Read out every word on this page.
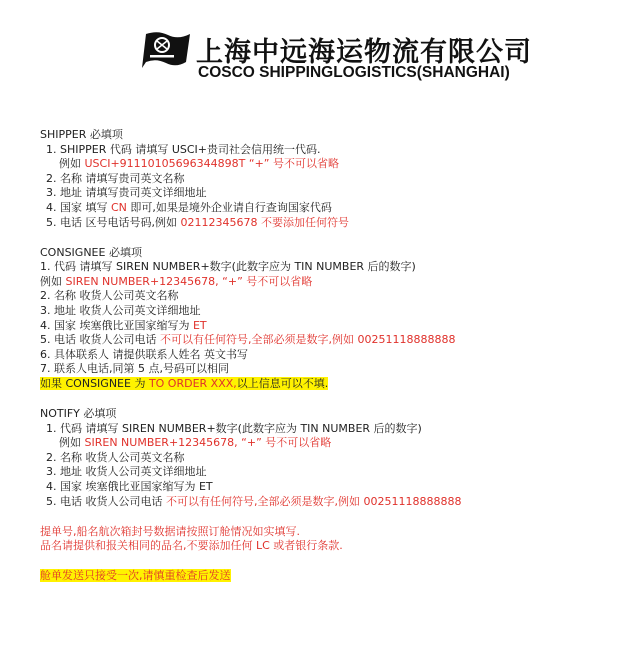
上海中远海运物流有限公司
COSCO SHIPPINGLOGISTICS(SHANGHAI)
SHIPPER 必填项
1. SHIPPER 代码 请填写 USCI+贵司社会信用统一代码.
例如 USCI+91110105696344898T “+” 号不可以省略
2. 名称 请填写贵司英文名称
3. 地址 请填写贵司英文详细地址
4. 国家 填写 CN 即可,如果是境外企业请自行查询国家代码
5. 电话 区号电话号码,例如 02112345678 不要添加任何符号
CONSIGNEE 必填项
1. 代码 请填写 SIREN NUMBER+数字(此数字应为 TIN NUMBER 后的数字)
例如 SIREN NUMBER+12345678, “+” 号不可以省略
2. 名称 收货人公司英文名称
3. 地址 收货人公司英文详细地址
4. 国家 埃塞俄比亚国家缩写为 ET
5. 电话 收货人公司电话 不可以有任何符号,全部必须是数字,例如 00251118888888
6. 具体联系人 请提供联系人姓名 英文书写
7. 联系人电话,同第 5 点,号码可以相同
如果 CONSIGNEE 为 TO ORDER XXX,以上信息可以不填.
NOTIFY 必填项
1. 代码 请填写 SIREN NUMBER+数字(此数字应为 TIN NUMBER 后的数字)
例如 SIREN NUMBER+12345678, “+” 号不可以省略
2. 名称 收货人公司英文名称
3. 地址 收货人公司英文详细地址
4. 国家 埃塞俄比亚国家缩写为 ET
5. 电话 收货人公司电话 不可以有任何符号,全部必须是数字,例如 00251118888888
提单号,船名航次箱封号数据请按照订舱情况如实填写.
品名请提供和报关相同的品名,不要添加任何 LC 或者银行条款.
舱单发送只接受一次,请慎重检查后发送
